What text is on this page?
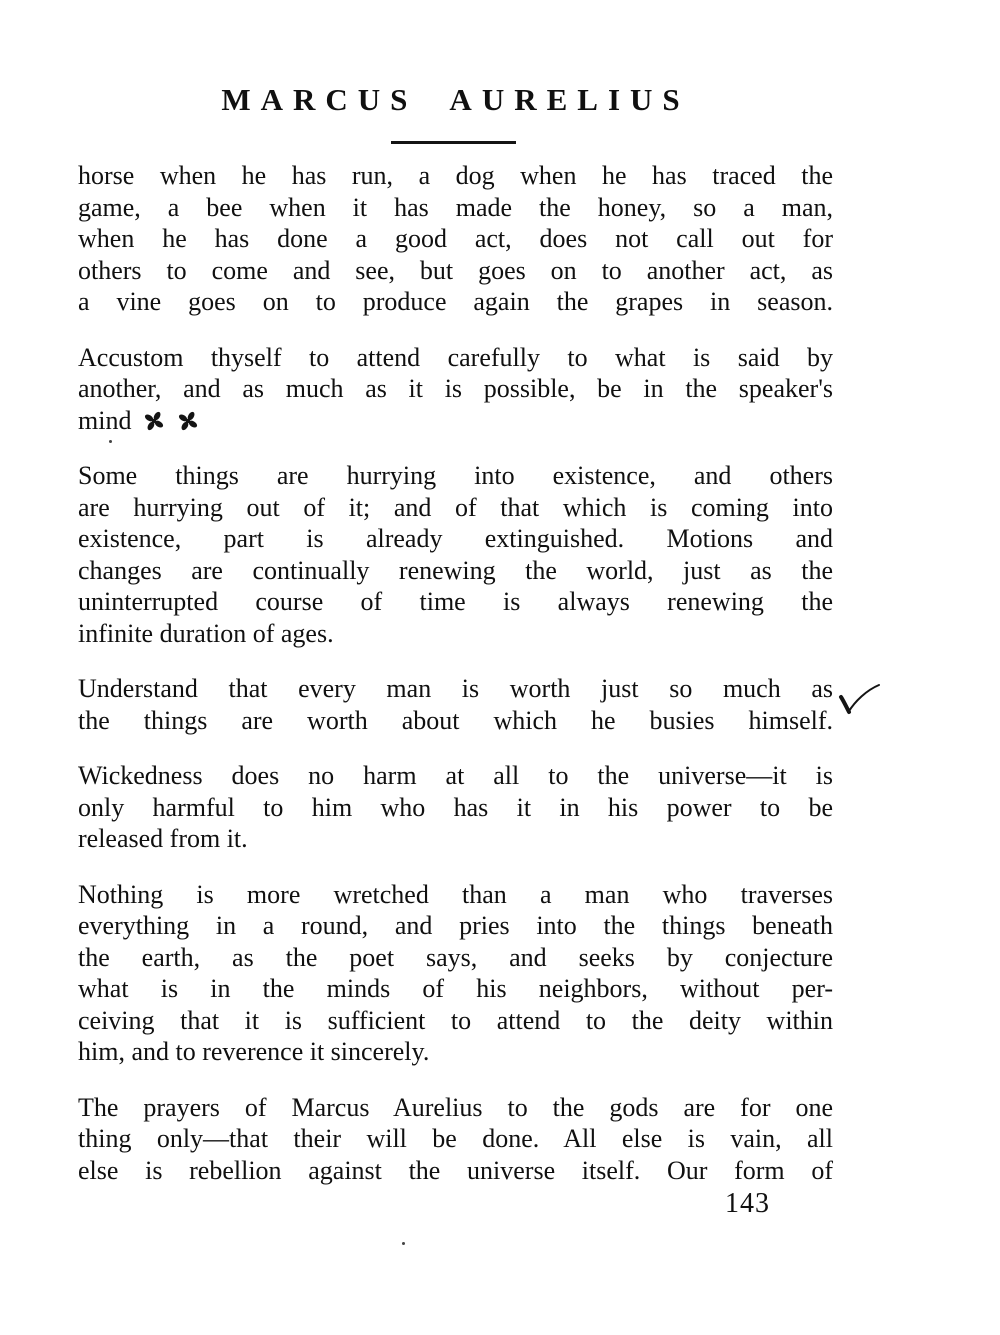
MARCUS AURELIUS
horse when he has run, a dog when he has traced the
game, a bee when it has made the honey, so a man,
when he has done a good act, does not call out for
others to come and see, but goes on to another act, as
a vine goes on to produce again the grapes in season.
Accustom thyself to attend carefully to what is said by
another, and as much as it is possible, be in the speaker's
mind
Some things are hurrying into existence, and others
are hurrying out of it; and of that which is coming into
existence, part is already extinguished. Motions and
changes are continually renewing the world, just as the
uninterrupted course of time is always renewing the
infinite duration of ages.
Understand that every man is worth just so much as
the things are worth about which he busies himself.
Wickedness does no harm at all to the universe—it is
only harmful to him who has it in his power to be
released from it.
Nothing is more wretched than a man who traverses
everything in a round, and pries into the things beneath
the earth, as the poet says, and seeks by conjecture
what is in the minds of his neighbors, without per-
ceiving that it is sufficient to attend to the deity within
him, and to reverence it sincerely.
The prayers of Marcus Aurelius to the gods are for one
thing only—that their will be done. All else is vain, all
else is rebellion against the universe itself. Our form of
143
